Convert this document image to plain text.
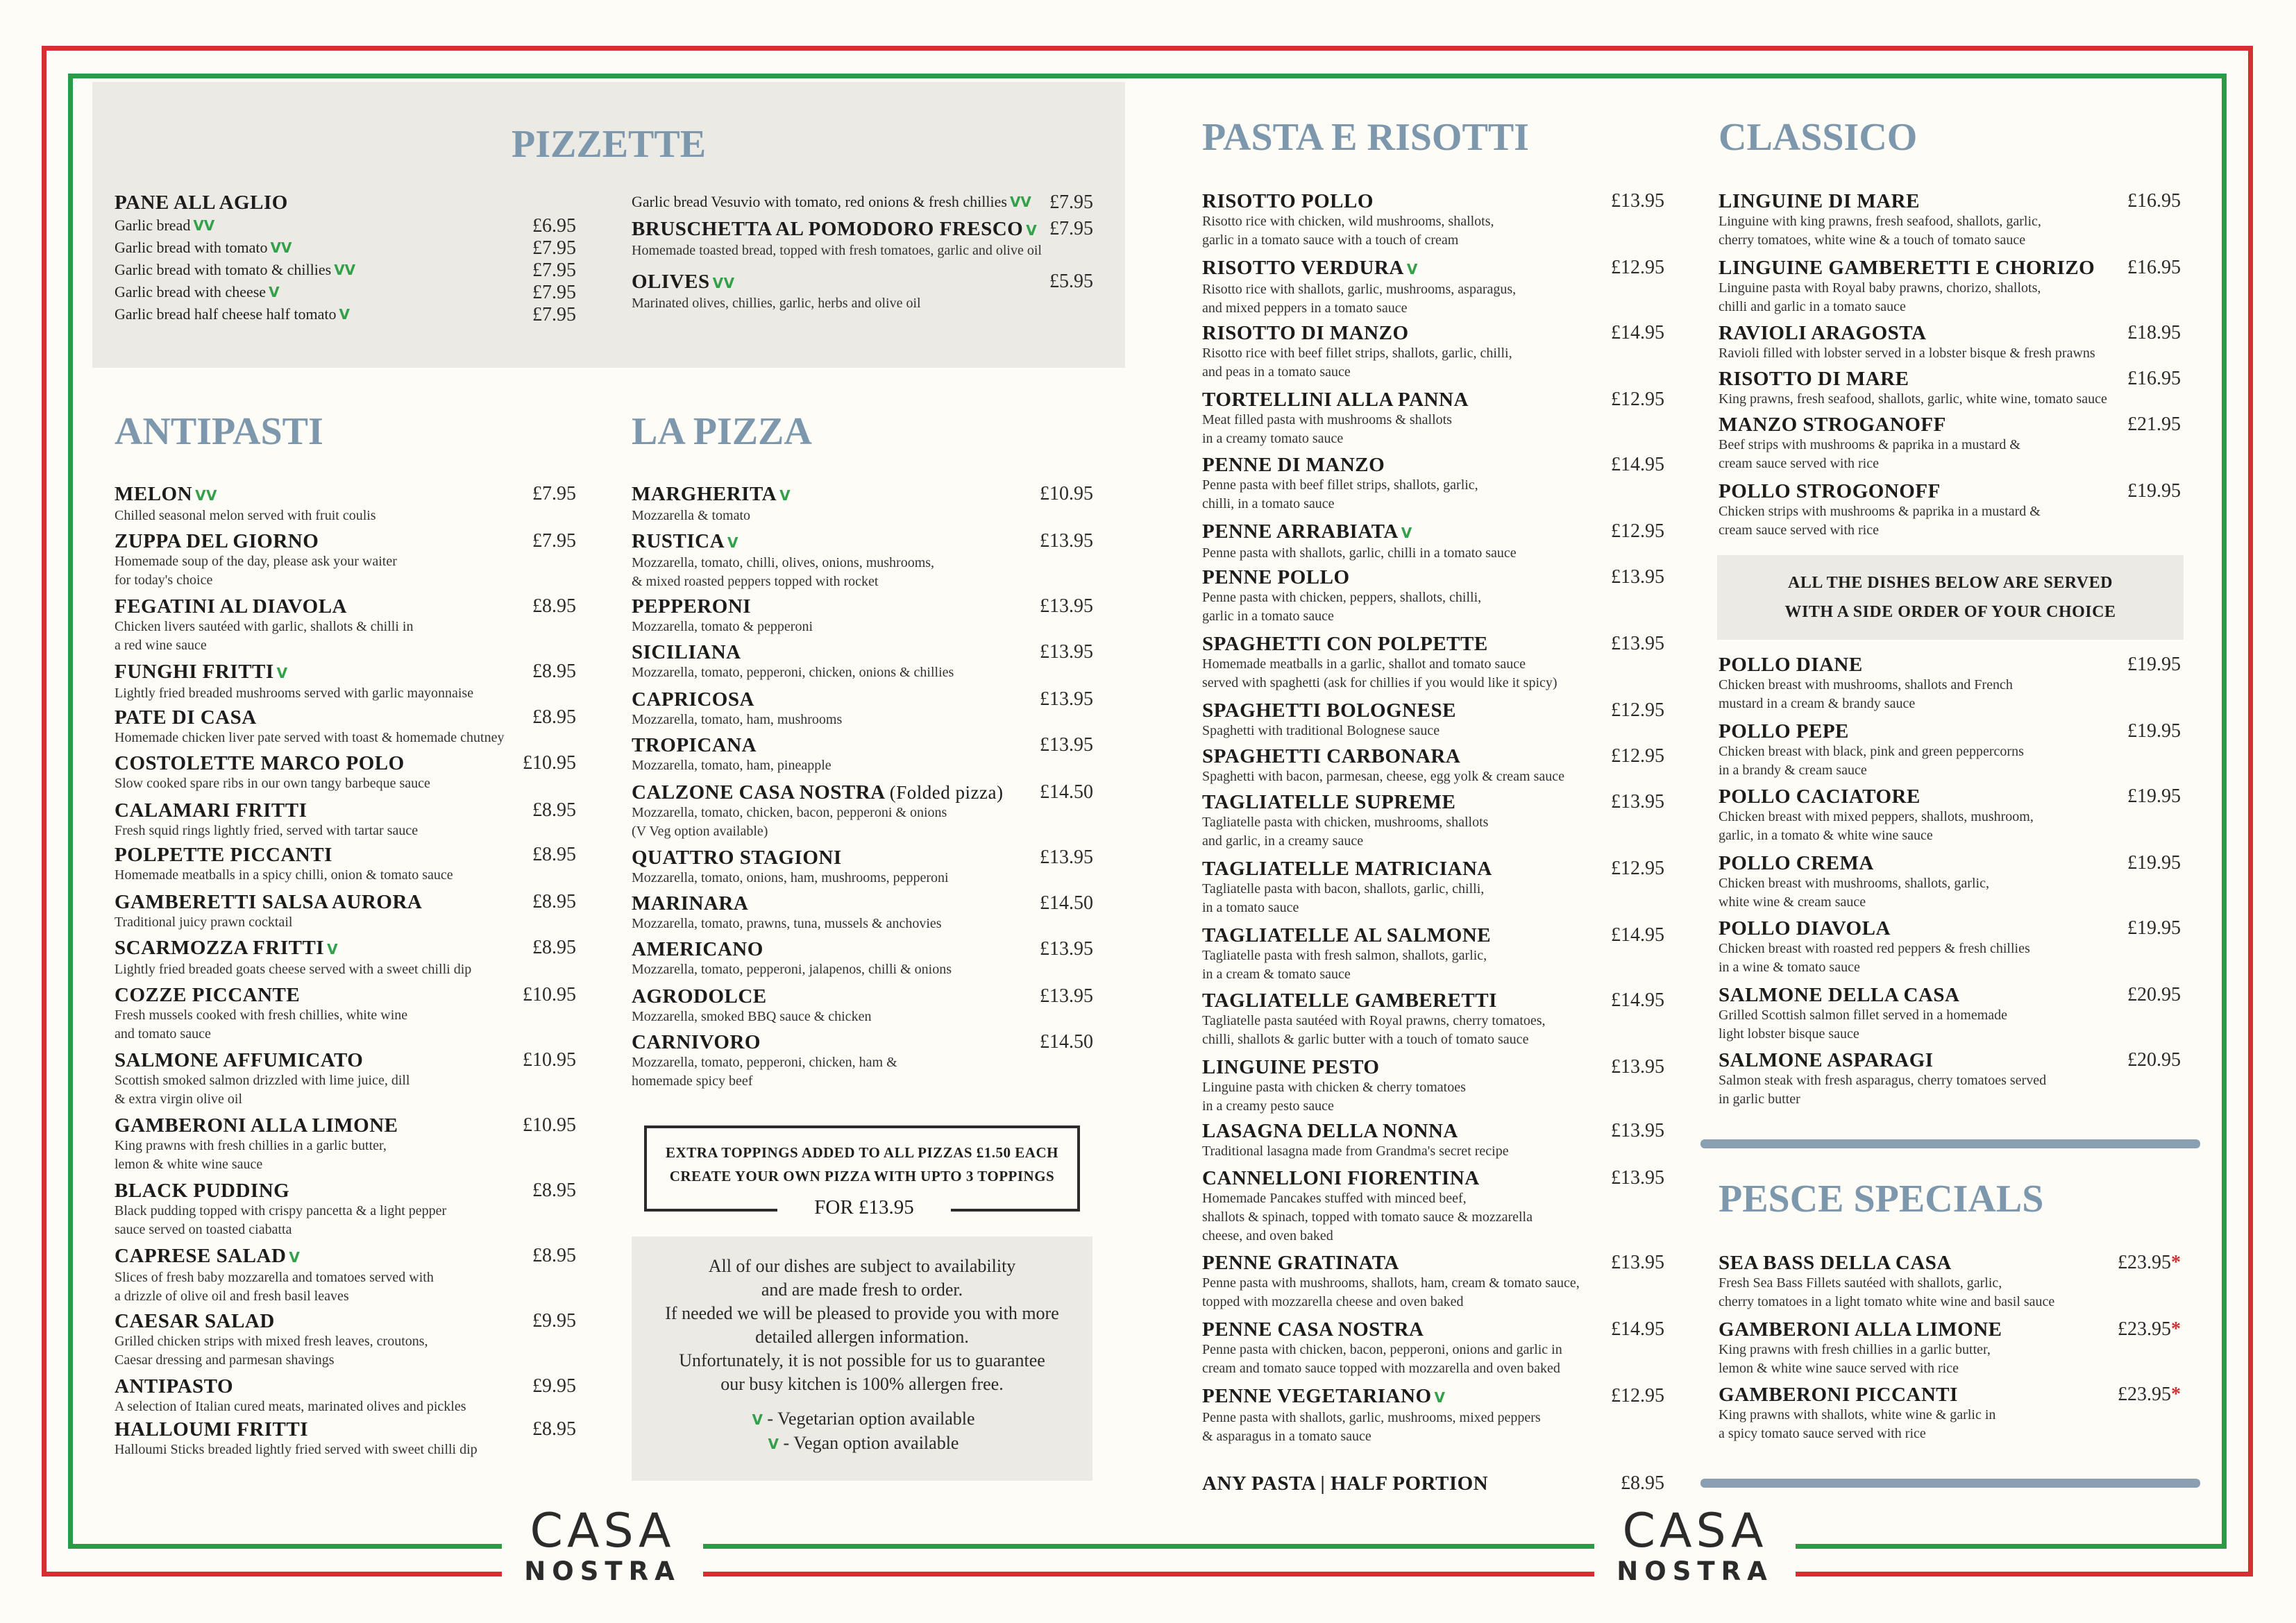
CASA
NOSTRA
CASA
NOSTRA
PIZZETTE
PANE ALL AGLIO
Garlic bread VV	£6.95
Garlic bread with tomato VV	£7.95
Garlic bread with tomato & chillies VV	£7.95
Garlic bread with cheese V	£7.95
Garlic bread half cheese half tomato V	£7.95
Garlic bread Vesuvio with tomato, red onions & fresh chillies VV £7.95
BRUSCHETTA AL POMODORO FRESCO V £7.95
Homemade toasted bread, topped with fresh tomatoes, garlic and olive oil
OLIVES VV	£5.95
Marinated olives, chillies, garlic, herbs and olive oil
ANTIPASTI
MELON VV	£7.95
Chilled seasonal melon served with fruit coulis
ZUPPA DEL GIORNO	£7.95
Homemade soup of the day, please ask your waiter
for today's choice
FEGATINI AL DIAVOLA	£8.95
Chicken livers sautéed with garlic, shallots & chilli in
a red wine sauce
FUNGHI FRITTI V	£8.95
Lightly fried breaded mushrooms served with garlic mayonnaise
PATE DI CASA	£8.95
Homemade chicken liver pate served with toast & homemade chutney
COSTOLETTE MARCO POLO	£10.95
Slow cooked spare ribs in our own tangy barbeque sauce
CALAMARI FRITTI	£8.95
Fresh squid rings lightly fried, served with tartar sauce
POLPETTE PICCANTI	£8.95
Homemade meatballs in a spicy chilli, onion & tomato sauce
GAMBERETTI SALSA AURORA	£8.95
Traditional juicy prawn cocktail
SCARMOZZA FRITTI V	£8.95
Lightly fried breaded goats cheese served with a sweet chilli dip
COZZE PICCANTE	£10.95
Fresh mussels cooked with fresh chillies, white wine
and tomato sauce
SALMONE AFFUMICATO	£10.95
Scottish smoked salmon drizzled with lime juice, dill
& extra virgin olive oil
GAMBERONI ALLA LIMONE	£10.95
King prawns with fresh chillies in a garlic butter,
lemon & white wine sauce
BLACK PUDDING	£8.95
Black pudding topped with crispy pancetta & a light pepper
sauce served on toasted ciabatta
CAPRESE SALAD V	£8.95
Slices of fresh baby mozzarella and tomatoes served with
a drizzle of olive oil and fresh basil leaves
CAESAR SALAD	£9.95
Grilled chicken strips with mixed fresh leaves, croutons,
Caesar dressing and parmesan shavings
ANTIPASTO	£9.95
A selection of Italian cured meats, marinated olives and pickles
HALLOUMI FRITTI	£8.95
Halloumi Sticks breaded lightly fried served with sweet chilli dip
LA PIZZA
MARGHERITA V	£10.95
Mozzarella & tomato
RUSTICA V	£13.95
Mozzarella, tomato, chilli, olives, onions, mushrooms,
& mixed roasted peppers topped with rocket
PEPPERONI	£13.95
Mozzarella, tomato & pepperoni
SICILIANA	£13.95
Mozzarella, tomato, pepperoni, chicken, onions & chillies
CAPRICOSA	£13.95
Mozzarella, tomato, ham, mushrooms
TROPICANA	£13.95
Mozzarella, tomato, ham, pineapple
CALZONE CASA NOSTRA (Folded pizza)	£14.50
Mozzarella, tomato, chicken, bacon, pepperoni & onions
(V Veg option available)
QUATTRO STAGIONI	£13.95
Mozzarella, tomato, onions, ham, mushrooms, pepperoni
MARINARA	£14.50
Mozzarella, tomato, prawns, tuna, mussels & anchovies
AMERICANO	£13.95
Mozzarella, tomato, pepperoni, jalapenos, chilli & onions
AGRODOLCE	£13.95
Mozzarella, smoked BBQ sauce & chicken
CARNIVORO	£14.50
Mozzarella, tomato, pepperoni, chicken, ham &
homemade spicy beef
EXTRA TOPPINGS ADDED TO ALL PIZZAS £1.50 EACH
CREATE YOUR OWN PIZZA WITH UPTO 3 TOPPINGS
FOR £13.95
All of our dishes are subject to availability
and are made fresh to order.
If needed we will be pleased to provide you with more
detailed allergen information.
Unfortunately, it is not possible for us to guarantee
our busy kitchen is 100% allergen free.
V - Vegetarian option available
V - Vegan option available
PASTA E RISOTTI
RISOTTO POLLO	£13.95
Risotto rice with chicken, wild mushrooms, shallots,
garlic in a tomato sauce with a touch of cream
RISOTTO VERDURA V	£12.95
Risotto rice with shallots, garlic, mushrooms, asparagus,
and mixed peppers in a tomato sauce
RISOTTO DI MANZO	£14.95
Risotto rice with beef fillet strips, shallots, garlic, chilli,
and peas in a tomato sauce
TORTELLINI ALLA PANNA	£12.95
Meat filled pasta with mushrooms & shallots
in a creamy tomato sauce
PENNE DI MANZO	£14.95
Penne pasta with beef fillet strips, shallots, garlic,
chilli, in a tomato sauce
PENNE ARRABIATA V	£12.95
Penne pasta with shallots, garlic, chilli in a tomato sauce
PENNE POLLO	£13.95
Penne pasta with chicken, peppers, shallots, chilli,
garlic in a tomato sauce
SPAGHETTI CON POLPETTE	£13.95
Homemade meatballs in a garlic, shallot and tomato sauce
served with spaghetti (ask for chillies if you would like it spicy)
SPAGHETTI BOLOGNESE	£12.95
Spaghetti with traditional Bolognese sauce
SPAGHETTI CARBONARA	£12.95
Spaghetti with bacon, parmesan, cheese, egg yolk & cream sauce
TAGLIATELLE SUPREME	£13.95
Tagliatelle pasta with chicken, mushrooms, shallots
and garlic, in a creamy sauce
TAGLIATELLE MATRICIANA	£12.95
Tagliatelle pasta with bacon, shallots, garlic, chilli,
in a tomato sauce
TAGLIATELLE AL SALMONE	£14.95
Tagliatelle pasta with fresh salmon, shallots, garlic,
in a cream & tomato sauce
TAGLIATELLE GAMBERETTI	£14.95
Tagliatelle pasta sautéed with Royal prawns, cherry tomatoes,
chilli, shallots & garlic butter with a touch of tomato sauce
LINGUINE PESTO	£13.95
Linguine pasta with chicken & cherry tomatoes
in a creamy pesto sauce
LASAGNA DELLA NONNA	£13.95
Traditional lasagna made from Grandma's secret recipe
CANNELLONI FIORENTINA	£13.95
Homemade Pancakes stuffed with minced beef,
shallots & spinach, topped with tomato sauce & mozzarella
cheese, and oven baked
PENNE GRATINATA	£13.95
Penne pasta with mushrooms, shallots, ham, cream & tomato sauce,
topped with mozzarella cheese and oven baked
PENNE CASA NOSTRA	£14.95
Penne pasta with chicken, bacon, pepperoni, onions and garlic in
cream and tomato sauce topped with mozzarella and oven baked
PENNE VEGETARIANO V	£12.95
Penne pasta with shallots, garlic, mushrooms, mixed peppers
& asparagus in a tomato sauce
ANY PASTA | HALF PORTION	£8.95
CLASSICO
LINGUINE DI MARE	£16.95
Linguine with king prawns, fresh seafood, shallots, garlic,
cherry tomatoes, white wine & a touch of tomato sauce
LINGUINE GAMBERETTI E CHORIZO	£16.95
Linguine pasta with Royal baby prawns, chorizo, shallots,
chilli and garlic in a tomato sauce
RAVIOLI ARAGOSTA	£18.95
Ravioli filled with lobster served in a lobster bisque & fresh prawns
RISOTTO DI MARE	£16.95
King prawns, fresh seafood, shallots, garlic, white wine, tomato sauce
MANZO STROGANOFF	£21.95
Beef strips with mushrooms & paprika in a mustard &
cream sauce served with rice
POLLO STROGONOFF	£19.95
Chicken strips with mushrooms & paprika in a mustard &
cream sauce served with rice
ALL THE DISHES BELOW ARE SERVED
WITH A SIDE ORDER OF YOUR CHOICE
POLLO DIANE	£19.95
Chicken breast with mushrooms, shallots and French
mustard in a cream & brandy sauce
POLLO PEPE	£19.95
Chicken breast with black, pink and green peppercorns
in a brandy & cream sauce
POLLO CACIATORE	£19.95
Chicken breast with mixed peppers, shallots, mushroom,
garlic, in a tomato & white wine sauce
POLLO CREMA	£19.95
Chicken breast with mushrooms, shallots, garlic,
white wine & cream sauce
POLLO DIAVOLA	£19.95
Chicken breast with roasted red peppers & fresh chillies
in a wine & tomato sauce
SALMONE DELLA CASA	£20.95
Grilled Scottish salmon fillet served in a homemade
light lobster bisque sauce
SALMONE ASPARAGI	£20.95
Salmon steak with fresh asparagus, cherry tomatoes served
in garlic butter
PESCE SPECIALS
SEA BASS DELLA CASA	£23.95*
Fresh Sea Bass Fillets sautéed with shallots, garlic,
cherry tomatoes in a light tomato white wine and basil sauce
GAMBERONI ALLA LIMONE	£23.95*
King prawns with fresh chillies in a garlic butter,
lemon & white wine sauce served with rice
GAMBERONI PICCANTI	£23.95*
King prawns with shallots, white wine & garlic in
a spicy tomato sauce served with rice
